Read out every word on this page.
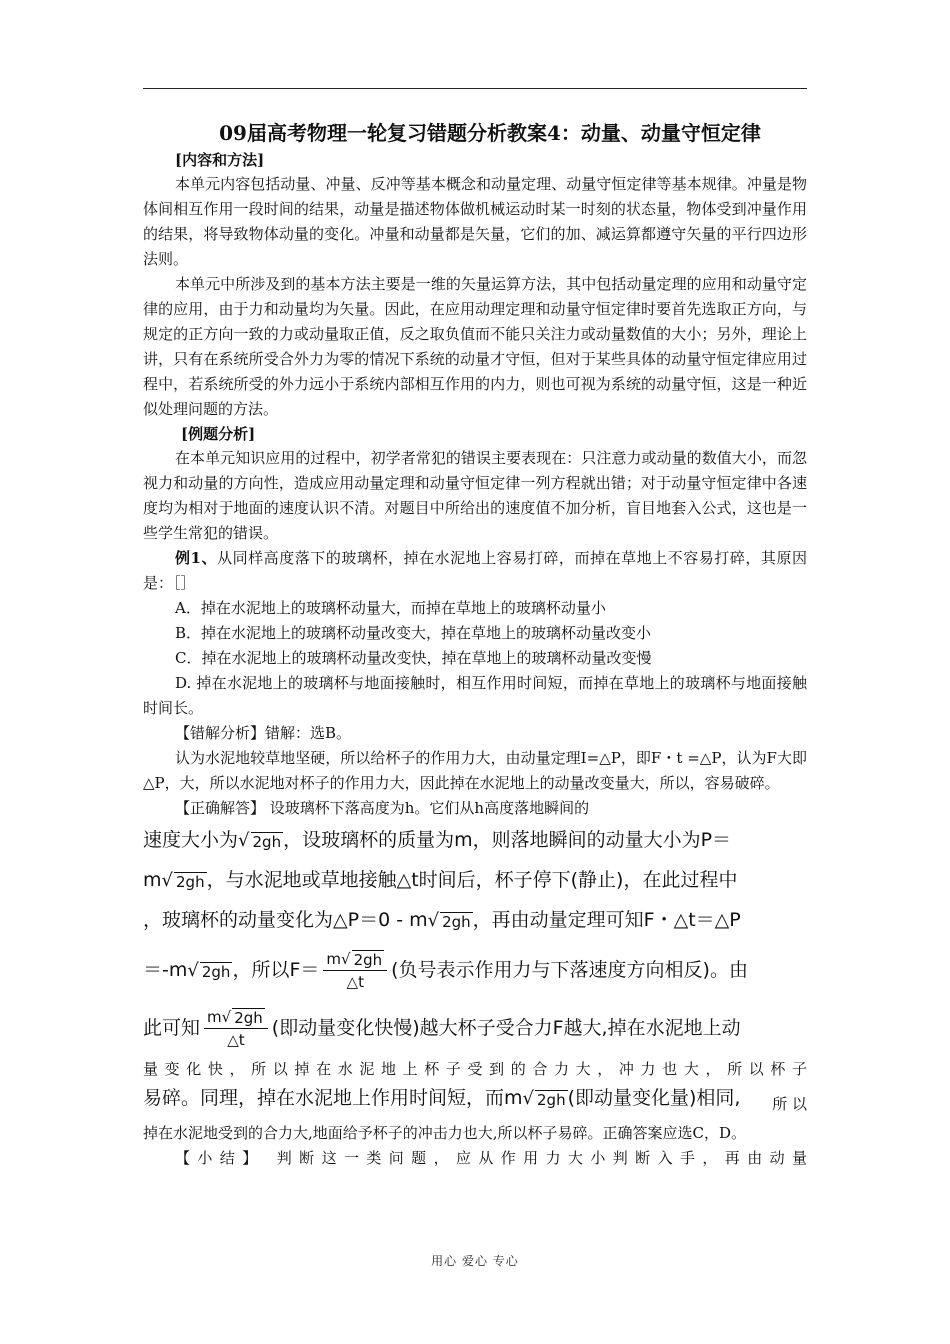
09届高考物理一轮复习错题分析教案4：动量、动量守恒定律
[内容和方法]

本单元内容包括动量、冲量、反冲等基本概念和动量定理、动量守恒定律等基本规律。冲量是物体间相互作用一段时间的结果，动量是描述物体做机械运动时某一时刻的状态量，物体受到冲量作用的结果，将导致物体动量的变化。冲量和动量都是矢量，它们的加、减运算都遵守矢量的平行四边形法则。

本单元中所涉及到的基本方法主要是一维的矢量运算方法，其中包括动量定理的应用和动量守定律的应用，由于力和动量均为矢量。因此，在应用动理定理和动量守恒定律时要首先选取正方向，与规定的正方向一致的力或动量取正值，反之取负值而不能只关注力或动量数值的大小；另外，理论上讲，只有在系统所受合外力为零的情况下系统的动量才守恒，但对于某些具体的动量守恒定律应用过程中，若系统所受的外力远小于系统内部相互作用的内力，则也可视为系统的动量守恒，这是一种近似处理问题的方法。

[例题分析]

在本单元知识应用的过程中，初学者常犯的错误主要表现在：只注意力或动量的数值大小，而忽视力和动量的方向性，造成应用动量定理和动量守恒定律一列方程就出错；对于动量守恒定律中各速度均为相对于地面的速度认识不清。对题目中所给出的速度值不加分析，盲目地套入公式，这也是一些学生常犯的错误。

例1、从同样高度落下的玻璃杯，掉在水泥地上容易打碎，而掉在草地上不容易打碎，其原因是：［］

A．掉在水泥地上的玻璃杯动量大，而掉在草地上的玻璃杯动量小

B．掉在水泥地上的玻璃杯动量改变大，掉在草地上的玻璃杯动量改变小

C．掉在水泥地上的玻璃杯动量改变快，掉在草地上的玻璃杯动量改变慢

D. 掉在水泥地上的玻璃杯与地面接触时，相互作用时间短，而掉在草地上的玻璃杯与地面接触时间长。

【错解分析】错解：选B。

认为水泥地较草地坚硬，所以给杯子的作用力大，由动量定理I=△P，即F・t =△P，认为F大即△P，大，所以水泥地对杯子的作用力大，因此掉在水泥地上的动量改变量大，所以，容易破碎。

【正确解答】 设玻璃杯下落高度为h。它们从h高度落地瞬间的

速度大小为√ 2gh ，设玻璃杯的质量为m，则落地瞬间的动量大小为P＝
m√ 2gh ，与水泥地或草地接触△t时间后，杯子停下(静止)，在此过程中
，玻璃杯的动量变化为△P＝0 - m√ 2gh ，再由动量定理可知F・△t＝△P
＝-m√ 2gh ，所以$F= \frac{m√ 2gh}{\triangle t}$ (负号表示作用力与下落速度方向相反)。由
此可知 $\frac{m√ 2gh}{\triangle t}$ (即动量变化快慢)越大杯子受合力F越大,掉在水泥地上动

量变化快，所以掉在水泥地上杯子受到的合力大，冲力也大，所以杯子

易碎。同理，掉在水泥地上作用时间短，而m√ 2gh (即动量变化量)相同, 所 以

掉在水泥地受到的合力大,地面给予杯子的冲击力也大,所以杯子易碎。正确答案应选C，D。

【小结】 判断这一类问题，应从作用力大小判断入手，再由动量

用心 爱心 专心
